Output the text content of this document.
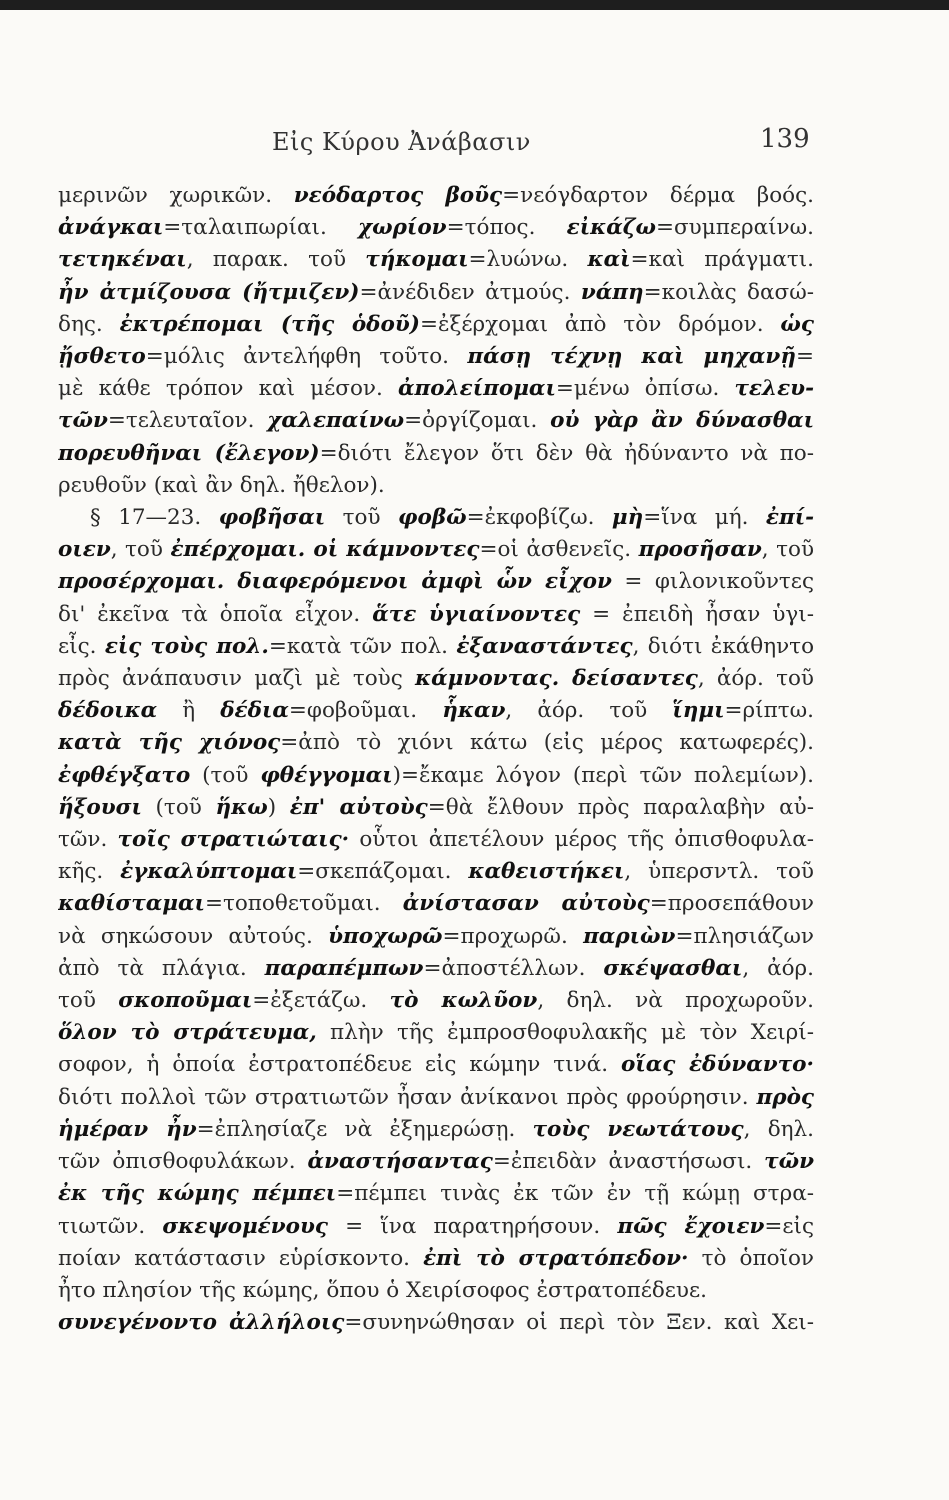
Εἰς Κύρου Ἀνάβασιν	139
μερινῶν χωρικῶν. νεόδαρτος βοῦς=νεόγδαρτον δέρμα βοός.
ἀνάγκαι=ταλαιπωρίαι. χωρίον=τόπος. εἰκάζω=συμπεραίνω.
τετηκέναι, παρακ. τοῦ τήκομαι=λυώνω. καὶ=καὶ πράγματι.
ἦν ἀτμίζουσα (ἤτμιζεν)=ἀνέδιδεν ἀτμούς. νάπη=κοιλὰς δασώ-
δης. ἐκτρέπομαι (τῆς ὁδοῦ)=ἐξέρχομαι ἀπὸ τὸν δρόμον. ὡς
ᾔσθετο=μόλις ἀντελήφθη τοῦτο. πάσῃ τέχνῃ καὶ μηχανῇ=
μὲ κάθε τρόπον καὶ μέσον. ἀπολείπομαι=μένω ὀπίσω. τελευ-
τῶν=τελευταῖον. χαλεπαίνω=ὀργίζομαι. οὐ γὰρ ἂν δύνασθαι
πορευθῆναι (ἔλεγον)=διότι ἔλεγον ὅτι δὲν θὰ ἠδύναντο νὰ πο-
ρευθοῦν (καὶ ἂν δηλ. ἤθελον).
§ 17—23. φοβῆσαι τοῦ φοβῶ=ἐκφοβίζω. μὴ=ἵνα μή. ἐπί-
οιεν, τοῦ ἐπέρχομαι. οἱ κάμνοντες=οἱ ἀσθενεῖς. προσῆσαν, τοῦ
προσέρχομαι. διαφερόμενοι ἀμφὶ ὧν εἶχον = φιλονικοῦντες
δι' ἐκεῖνα τὰ ὁποῖα εἶχον. ἅτε ὑγιαίνοντες = ἐπειδὴ ἦσαν ὑγι-
εἶς. εἰς τοὺς πολ.=κατὰ τῶν πολ. ἐξαναστάντες, διότι ἐκάθηντο
πρὸς ἀνάπαυσιν μαζὶ μὲ τοὺς κάμνοντας. δείσαντες, ἀόρ. τοῦ
δέδοικα ἢ δέδια=φοβοῦμαι. ἧκαν, ἀόρ. τοῦ ἵημι=ρίπτω.
κατὰ τῆς χιόνος=ἀπὸ τὸ χιόνι κάτω (εἰς μέρος κατωφερές).
ἐφθέγξατο (τοῦ φθέγγομαι)=ἔκαμε λόγον (περὶ τῶν πολεμίων).
ἥξουσι (τοῦ ἥκω) ἐπ' αὐτοὺς=θὰ ἔλθουν πρὸς παραλαβὴν αὐ-
τῶν. τοῖς στρατιώταις· οὗτοι ἀπετέλουν μέρος τῆς ὀπισθοφυλα-
κῆς. ἐγκαλύπτομαι=σκεπάζομαι. καθειστήκει, ὑπερσντλ. τοῦ
καθίσταμαι=τοποθετοῦμαι. ἀνίστασαν αὐτοὺς=προσεπάθουν
νὰ σηκώσουν αὐτούς. ὑποχωρῶ=προχωρῶ. παριὼν=πλησιάζων
ἀπὸ τὰ πλάγια. παραπέμπων=ἀποστέλλων. σκέψασθαι, ἀόρ.
τοῦ σκοποῦμαι=ἐξετάζω. τὸ κωλῦον, δηλ. νὰ προχωροῦν.
ὅλον τὸ στράτευμα, πλὴν τῆς ἐμπροσθοφυλακῆς μὲ τὸν Χειρί-
σοφον, ἡ ὁποία ἐστρατοπέδευε εἰς κώμην τινά. οἵας ἐδύναντο·
διότι πολλοὶ τῶν στρατιωτῶν ἦσαν ἀνίκανοι πρὸς φρούρησιν. πρὸς
ἡμέραν ἦν=ἐπλησίαζε νὰ ἐξημερώσῃ. τοὺς νεωτάτους, δηλ.
τῶν ὀπισθοφυλάκων. ἀναστήσαντας=ἐπειδὰν ἀναστήσωσι. τῶν
ἐκ τῆς κώμης πέμπει=πέμπει τινὰς ἐκ τῶν ἐν τῇ κώμῃ στρα-
τιωτῶν. σκεψομένους = ἵνα παρατηρήσουν. πῶς ἔχοιεν=εἰς
ποίαν κατάστασιν εὑρίσκοντο. ἐπὶ τὸ στρατόπεδον· τὸ ὁποῖον
ἦτο πλησίον τῆς κώμης, ὅπου ὁ Χειρίσοφος ἐστρατοπέδευε.
συνεγένοντο ἀλλήλοις=συνηνώθησαν οἱ περὶ τὸν Ξεν. καὶ Χει-
